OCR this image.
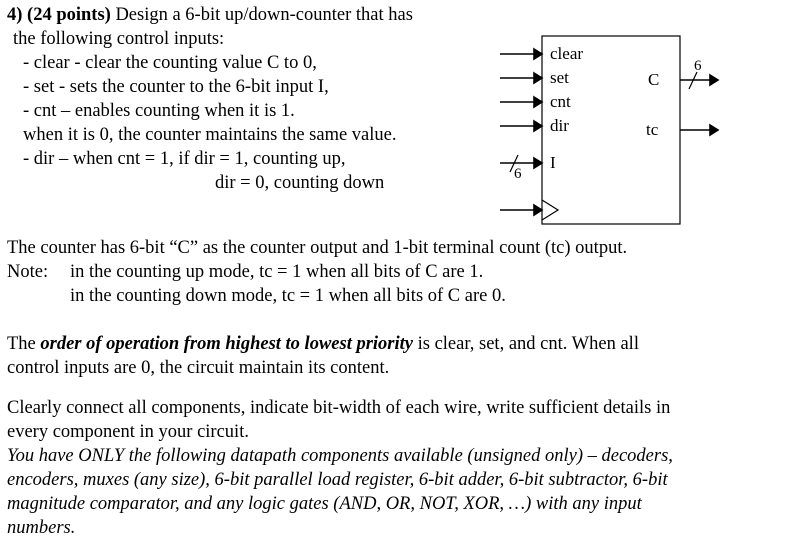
4) (24 points) Design a 6-bit up/down-counter that has
the following control inputs:
- clear - clear the counting value C to 0,
- set - sets the counter to the 6-bit input I,
- cnt – enables counting when it is 1.
when it is 0, the counter maintains the same value.
- dir – when cnt = 1, if dir = 1, counting up,
dir = 0, counting down
clear
set
cnt
dir
I
C
tc
6
6
The counter has 6-bit “C” as the counter output and 1-bit terminal count (tc) output.
Note: in the counting up mode, tc = 1 when all bits of C are 1.
in the counting down mode, tc = 1 when all bits of C are 0.
The order of operation from highest to lowest priority is clear, set, and cnt. When all
control inputs are 0, the circuit maintain its content.
Clearly connect all components, indicate bit-width of each wire, write sufficient details in
every component in your circuit.
You have ONLY the following datapath components available (unsigned only) – decoders,
encoders, muxes (any size), 6-bit parallel load register, 6-bit adder, 6-bit subtractor, 6-bit
magnitude comparator, and any logic gates (AND, OR, NOT, XOR, …) with any input
numbers.
